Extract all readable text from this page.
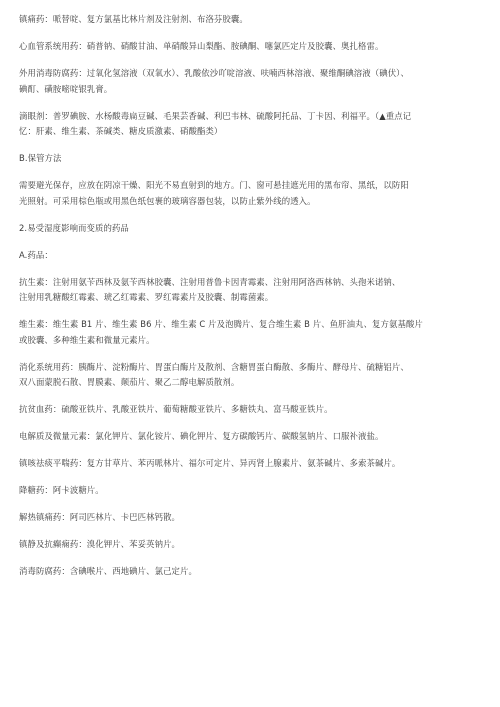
镇痛药：哌替啶、复方氯基比林片剂及注射剂、布洛芬胶囊。
心血管系统用药：硝普钠、硝酸甘油、单硝酸异山梨酯、胺碘酮、噻氯匹定片及胶囊、奥扎格雷。
外用消毒防腐药：过氧化氢溶液（双氧水）、乳酸依沙吖啶溶液、呋喃西林溶液、聚维酮碘溶液（碘伏）、
碘酊、磺胺嘧啶银乳膏。
滴眼剂：普罗碘胺、水杨酸毒扁豆碱、毛果芸香碱、利巴韦林、硫酸阿托品、丁卡因、利福平。（▲重点记
忆：肝素、维生素、茶碱类、糖皮质激素、硝酸酯类）
B.保管方法
需要避光保存，应放在阴凉干燥、阳光不易直射到的地方。门、窗可悬挂遮光用的黑布帘、黑纸，以防阳
光照射。可采用棕色瓶或用黑色纸包裹的玻璃容器包装，以防止紫外线的透入。
2.易受湿度影响而变质的药品
A.药品：
抗生素：注射用氨苄西林及氨苄西林胶囊、注射用普鲁卡因青霉素、注射用阿洛西林钠、头孢米诺钠、
注射用乳糖酸红霉素、琥乙红霉素、罗红霉素片及胶囊、制霉菌素。
维生素：维生素 B1 片、维生素 B6 片、维生素 C 片及泡腾片、复合维生素 B 片、鱼肝油丸、复方氨基酸片
或胶囊、多种维生素和微量元素片。
消化系统用药：胰酶片、淀粉酶片、胃蛋白酶片及散剂、含糖胃蛋白酶散、多酶片、酵母片、硫糖铝片、
双八面蒙脱石散、胃膜素、颠茄片、聚乙二醇电解质散剂。
抗贫血药：硫酸亚铁片、乳酸亚铁片、葡萄糖酸亚铁片、多糖铁丸、富马酸亚铁片。
电解质及微量元素：氯化钾片、氯化铵片、碘化钾片、复方碳酸钙片、碳酸氢钠片、口服补液盐。
镇咳祛痰平喘药：复方甘草片、苯丙哌林片、福尔可定片、异丙肾上腺素片、氨茶碱片、多索茶碱片。
降糖药：阿卡波糖片。
解热镇痛药：阿司匹林片、卡巴匹林钙散。
镇静及抗癫痫药：溴化钾片、苯妥英钠片。
消毒防腐药：含碘喉片、西地碘片、氯己定片。
